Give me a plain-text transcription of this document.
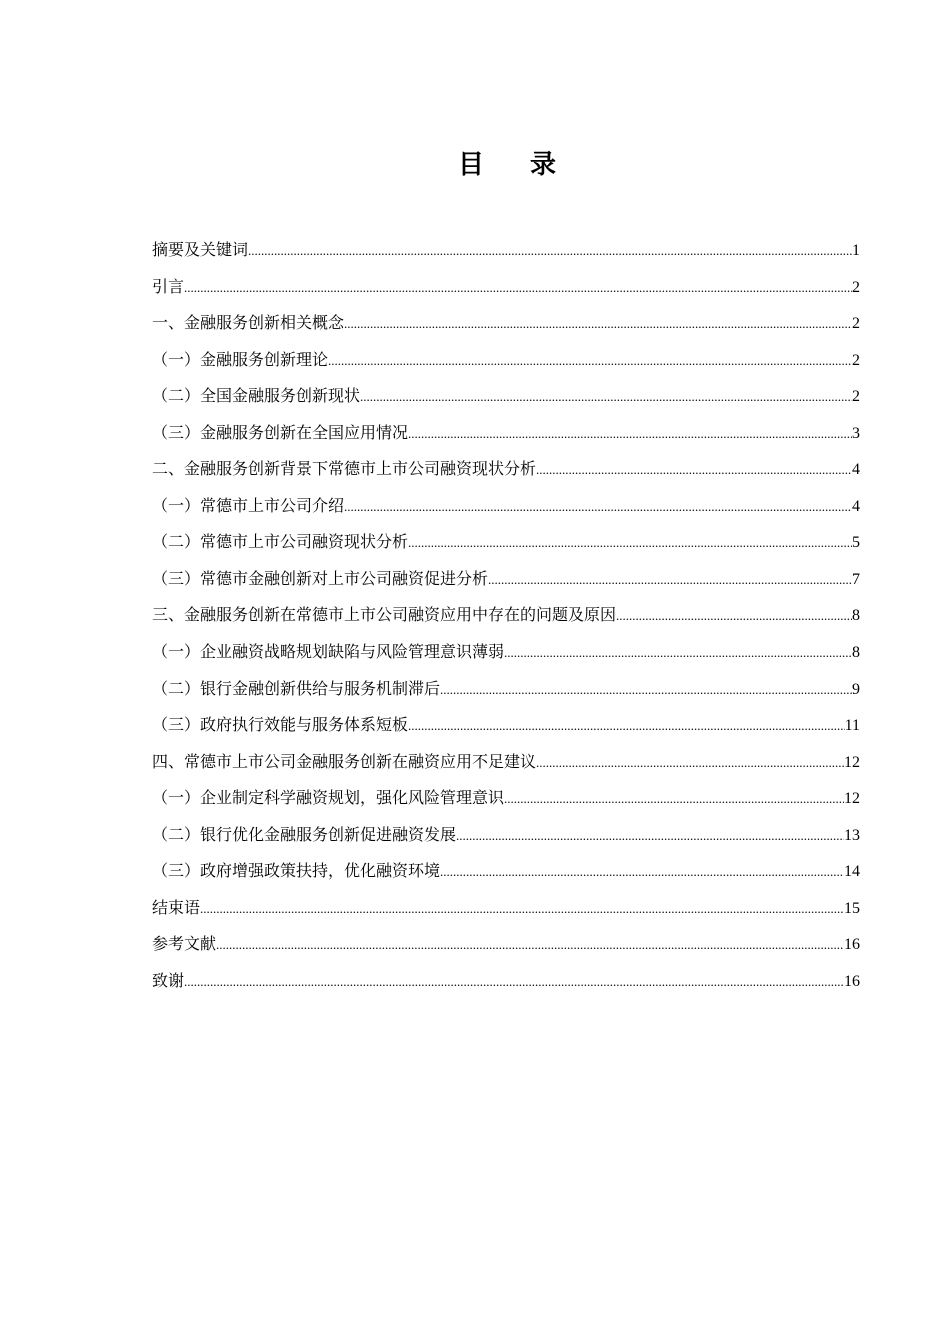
目 录
摘要及关键词 .....	1
引言 .....	2
一、金融服务创新相关概念 .....	2
（一）金融服务创新理论 .....	2
（二）全国金融服务创新现状 .....	2
（三）金融服务创新在全国应用情况 .....	3
二、金融服务创新背景下常德市上市公司融资现状分析 .....	4
（一）常德市上市公司介绍 .....	4
（二）常德市上市公司融资现状分析 .....	5
（三）常德市金融创新对上市公司融资促进分析 .....	7
三、金融服务创新在常德市上市公司融资应用中存在的问题及原因 .....	8
（一）企业融资战略规划缺陷与风险管理意识薄弱 .....	8
（二）银行金融创新供给与服务机制滞后 .....	9
（三）政府执行效能与服务体系短板 .....	11
四、常德市上市公司金融服务创新在融资应用不足建议 .....	12
（一）企业制定科学融资规划，强化风险管理意识 .....	12
（二）银行优化金融服务创新促进融资发展 .....	13
（三）政府增强政策扶持，优化融资环境 .....	14
结束语 .....	15
参考文献 .....	16
致谢 .....	16
